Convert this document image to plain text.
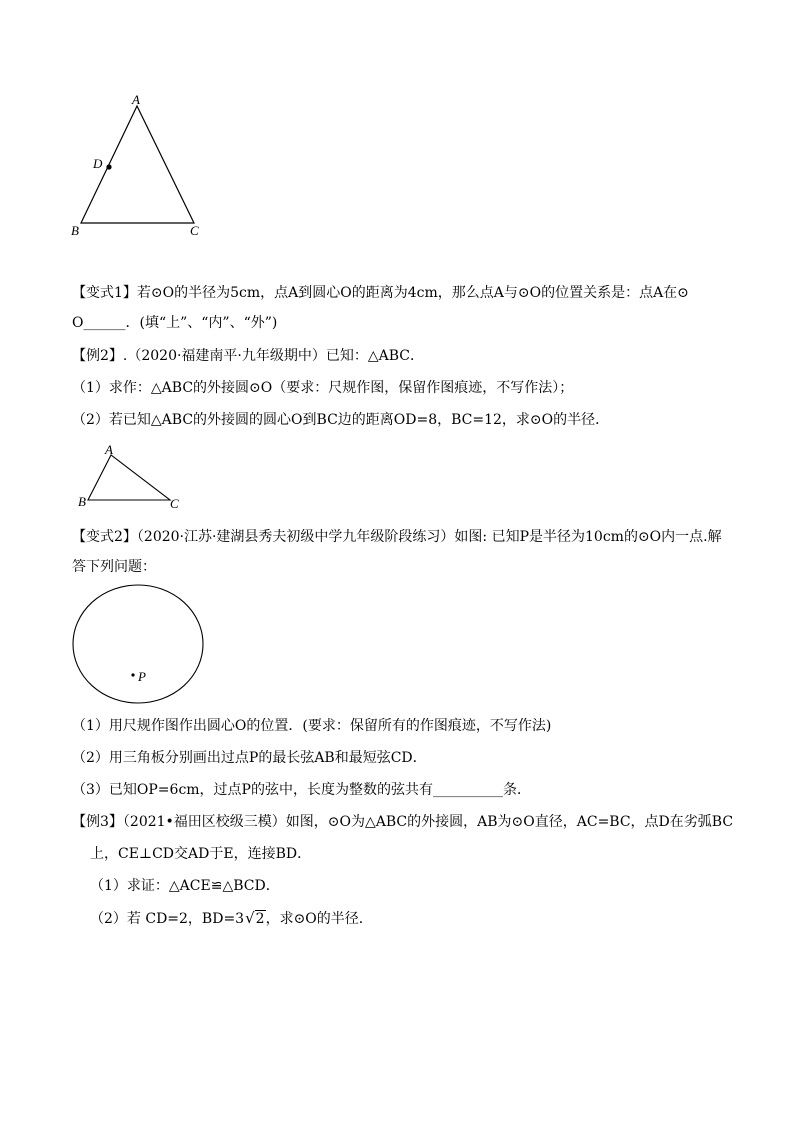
A
D
B	C
【变式1】若⊙O的半径为5cm，点A到圆心O的距离为4cm，那么点A与⊙O的位置关系是：点A在⊙
O______．(填“上”、“内”、“外”)
【例2】.（2020·福建南平·九年级期中）已知：△ABC．
（1）求作：△ABC的外接圆⊙O（要求：尺规作图，保留作图痕迹，不写作法）；
（2）若已知△ABC的外接圆的圆心O到BC边的距离OD=8，BC=12，求⊙O的半径．
A
B	C
【变式2】（2020·江苏·建湖县秀夫初级中学九年级阶段练习）如图: 已知P是半径为10cm的⊙O内一点.解
答下列问题：
P
（1）用尺规作图作出圆心O的位置．(要求：保留所有的作图痕迹，不写作法)
（2）用三角板分别画出过点P的最长弦AB和最短弦CD．
（3）已知OP=6cm，过点P的弦中，长度为整数的弦共有__________条．
【例3】（2021•福田区校级三模）如图，⊙O为△ABC的外接圆，AB为⊙O直径，AC=BC，点D在劣弧BC
上，CE⊥CD交AD于E，连接BD．
（1）求证：△ACE≌△BCD．
（2）若 CD=2，BD=3√2，求⊙O的半径．
